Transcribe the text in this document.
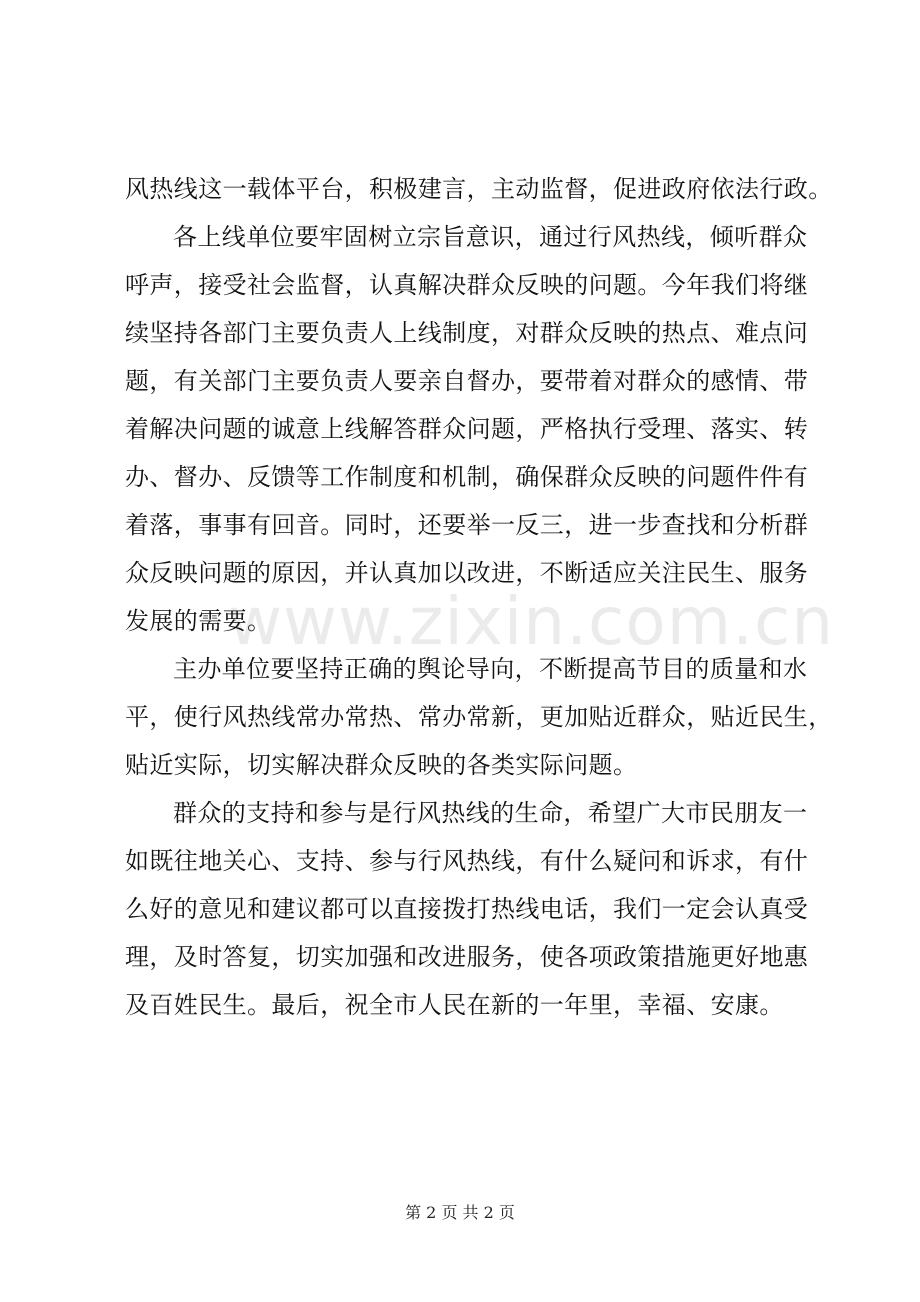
www.zixin.com.cn
风热线这一载体平台，积极建言，主动监督，促进政府依法行政。
各上线单位要牢固树立宗旨意识，通过行风热线，倾听群众
呼声，接受社会监督，认真解决群众反映的问题。今年我们将继
续坚持各部门主要负责人上线制度，对群众反映的热点、难点问
题，有关部门主要负责人要亲自督办，要带着对群众的感情、带
着解决问题的诚意上线解答群众问题，严格执行受理、落实、转
办、督办、反馈等工作制度和机制，确保群众反映的问题件件有
着落，事事有回音。同时，还要举一反三，进一步查找和分析群
众反映问题的原因，并认真加以改进，不断适应关注民生、服务
发展的需要。
主办单位要坚持正确的舆论导向，不断提高节目的质量和水
平，使行风热线常办常热、常办常新，更加贴近群众，贴近民生，
贴近实际，切实解决群众反映的各类实际问题。
群众的支持和参与是行风热线的生命，希望广大市民朋友一
如既往地关心、支持、参与行风热线，有什么疑问和诉求，有什
么好的意见和建议都可以直接拨打热线电话，我们一定会认真受
理，及时答复，切实加强和改进服务，使各项政策措施更好地惠
及百姓民生。最后，祝全市人民在新的一年里，幸福、安康。
第 2 页 共 2 页
